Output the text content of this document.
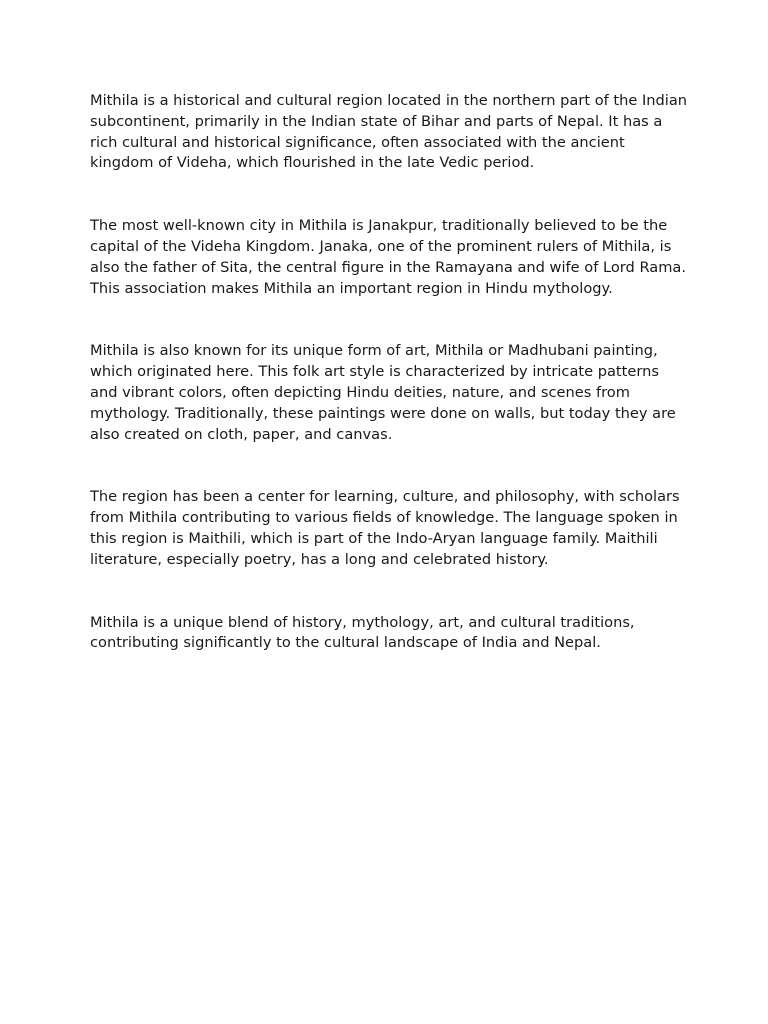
Mithila is a historical and cultural region located in the northern part of the Indian subcontinent, primarily in the Indian state of Bihar and parts of Nepal. It has a rich cultural and historical significance, often associated with the ancient kingdom of Videha, which flourished in the late Vedic period.

The most well-known city in Mithila is Janakpur, traditionally believed to be the capital of the Videha Kingdom. Janaka, one of the prominent rulers of Mithila, is also the father of Sita, the central figure in the Ramayana and wife of Lord Rama. This association makes Mithila an important region in Hindu mythology.

Mithila is also known for its unique form of art, Mithila or Madhubani painting, which originated here. This folk art style is characterized by intricate patterns and vibrant colors, often depicting Hindu deities, nature, and scenes from mythology. Traditionally, these paintings were done on walls, but today they are also created on cloth, paper, and canvas.

The region has been a center for learning, culture, and philosophy, with scholars from Mithila contributing to various fields of knowledge. The language spoken in this region is Maithili, which is part of the Indo-Aryan language family. Maithili literature, especially poetry, has a long and celebrated history.

Mithila is a unique blend of history, mythology, art, and cultural traditions, contributing significantly to the cultural landscape of India and Nepal.
